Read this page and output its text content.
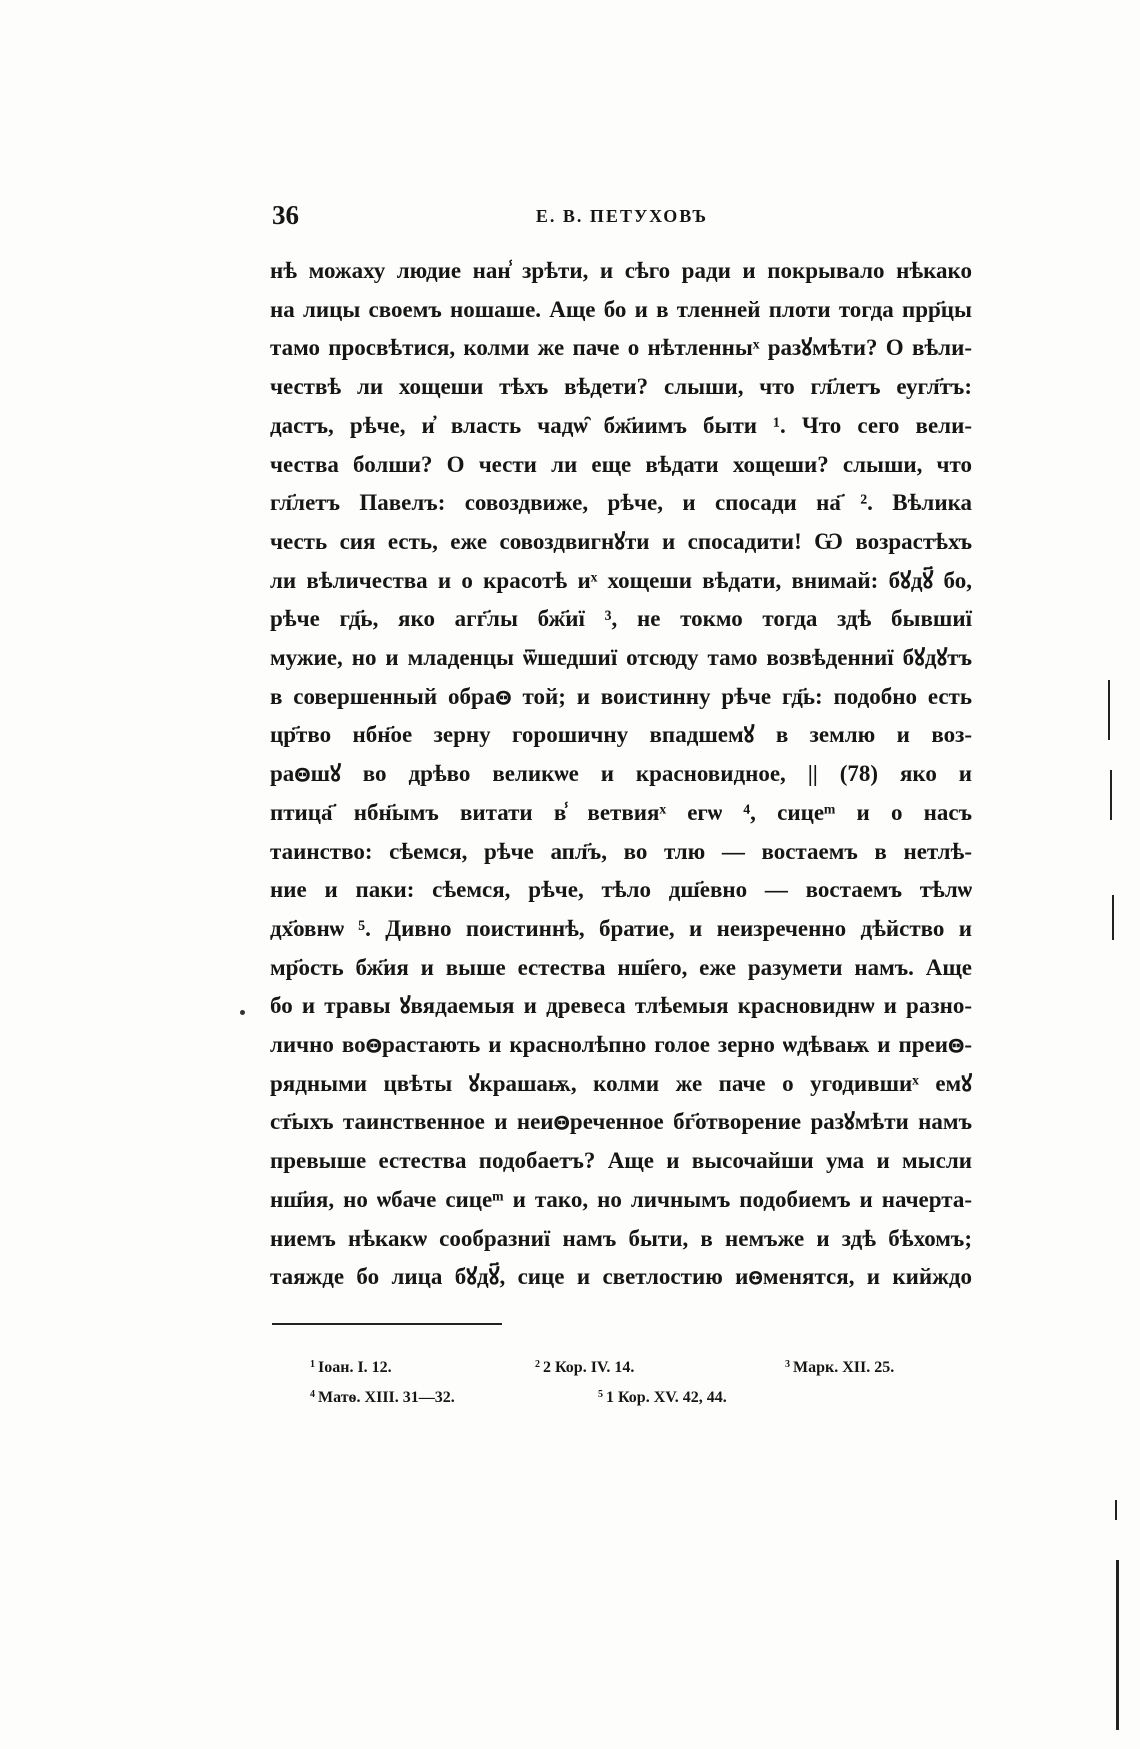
36	Е. В. ПЕТУХОВЪ
нѣ можаху людие нан̾ зрѣти, и сѣго ради и покрывало нѣкако
на лицы своемъ ношаше. Аще бо и в тленней плоти тогда прр҃цы
тамо просвѣтися, колми же паче о нѣтленныˣ разꙋмѣти? О вѣли-
чествѣ ли хощеши тѣхъ вѣдети? слыши, что гл҃летъ еугл҃тъ:
дастъ, рѣче, и҆ власть чадѡ̑ бж҃иимъ быти ¹. Что сего вели-
чества болши? О чести ли еще вѣдати хощеши? слыши, что
гл҃летъ Павелъ: совоздвиже, рѣче, и спосади на҃ ². Вѣлика
честь сия есть, еже совоздвигнꙋти и спосадити! Ѡ возрастѣхъ
ли вѣличества и о красотѣ иˣ хощеши вѣдати, внимай: бꙋдꙋ҃ бо,
рѣче гд҃ь, яко агг҃лы бж҃иї ³, не токмо тогда здѣ бывшиї
мужие, но и младенцы ѿшедшиї отсюду тамо возвѣденниї бꙋдꙋтъ
в совершенный обраꙫ той; и воистинну рѣче гд҃ь: подобно есть
цр҃тво нбн҃ое зерну горошичну впадшемꙋ в землю и воз-
раꙫшꙋ во дрѣво великѡе и красновидное, || (78) яко и
птица҃ нбн҃ымъ витати в̾ ветвияˣ егѡ ⁴, сицеᵐ и о насъ
таинство: сѣемся, рѣче апл҃ъ, во тлю — востаемъ в нетлѣ-
ние и паки: сѣемся, рѣче, тѣло дш҃евно — востаемъ тѣлѡ
дх҃овнѡ ⁵. Дивно поистиннѣ, братие, и неизреченно дѣйство и
мр҃ость бж҃ия и выше естества нш҃его, еже разумети намъ. Аще
бо и травы ꙋвядаемыя и древеса тлѣемыя красновиднѡ и разно-
лично воꙫрастають и краснолѣпно голое зерно ѡдѣваѭ и преиꙫ-
рядными цвѣты ꙋкрашаѭ, колми же паче о угодившиˣ емꙋ
ст҃ыхъ таинственное и неиꙫреченное бг҃отворение разꙋмѣти намъ
превыше естества подобаетъ? Аще и высочайши ума и мысли
нш҃ия, но ѡбаче сицеᵐ и тако, но личнымъ подобиемъ и начерта-
ниемъ нѣкакѡ сообразниї намъ быти, в немъже и здѣ бѣхомъ;
таяжде бо лица бꙋдꙋ҃, сице и светлостию иꙫменятся, и кийждо
$^1$ Іоан. I. 12.	$^2$ 2 Кор. IV. 14.	$^3$ Марк. XII. 25.
$^4$ Матѳ. XIII. 31—32.	$^5$ 1 Кор. XV. 42, 44.
